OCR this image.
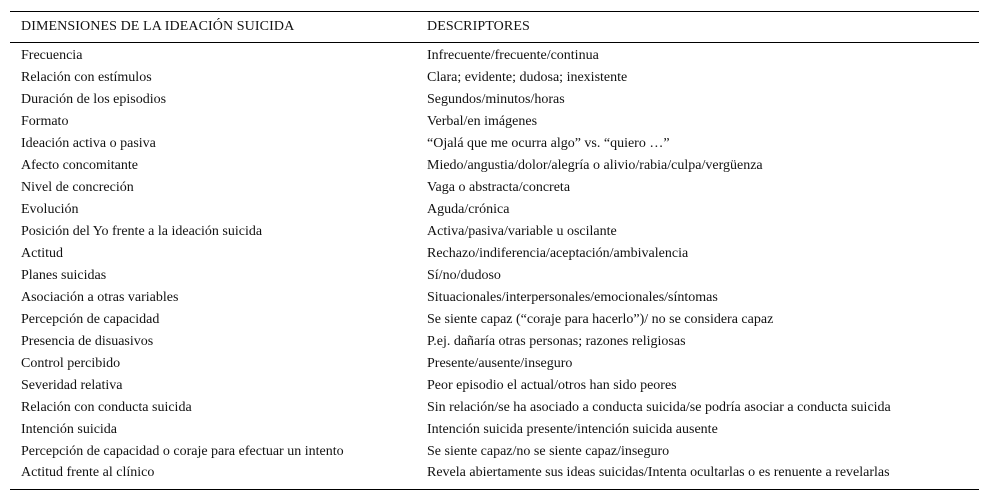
DIMENSIONES DE LA IDEACIÓN SUICIDA	DESCRIPTORES
Frecuencia	Infrecuente/frecuente/continua
Relación con estímulos	Clara; evidente; dudosa; inexistente
Duración de los episodios	Segundos/minutos/horas
Formato	Verbal/en imágenes
Ideación activa o pasiva	“Ojalá que me ocurra algo” vs. “quiero …”
Afecto concomitante	Miedo/angustia/dolor/alegría o alivio/rabia/culpa/vergüenza
Nivel de concreción	Vaga o abstracta/concreta
Evolución	Aguda/crónica
Posición del Yo frente a la ideación suicida	Activa/pasiva/variable u oscilante
Actitud	Rechazo/indiferencia/aceptación/ambivalencia
Planes suicidas	Sí/no/dudoso
Asociación a otras variables	Situacionales/interpersonales/emocionales/síntomas
Percepción de capacidad	Se siente capaz (“coraje para hacerlo”)/ no se considera capaz
Presencia de disuasivos	P.ej. dañaría otras personas; razones religiosas
Control percibido	Presente/ausente/inseguro
Severidad relativa	Peor episodio el actual/otros han sido peores
Relación con conducta suicida	Sin relación/se ha asociado a conducta suicida/se podría asociar a conducta suicida
Intención suicida	Intención suicida presente/intención suicida ausente
Percepción de capacidad o coraje para efectuar un intento	Se siente capaz/no se siente capaz/inseguro
Actitud frente al clínico	Revela abiertamente sus ideas suicidas/Intenta ocultarlas o es renuente a revelarlas
